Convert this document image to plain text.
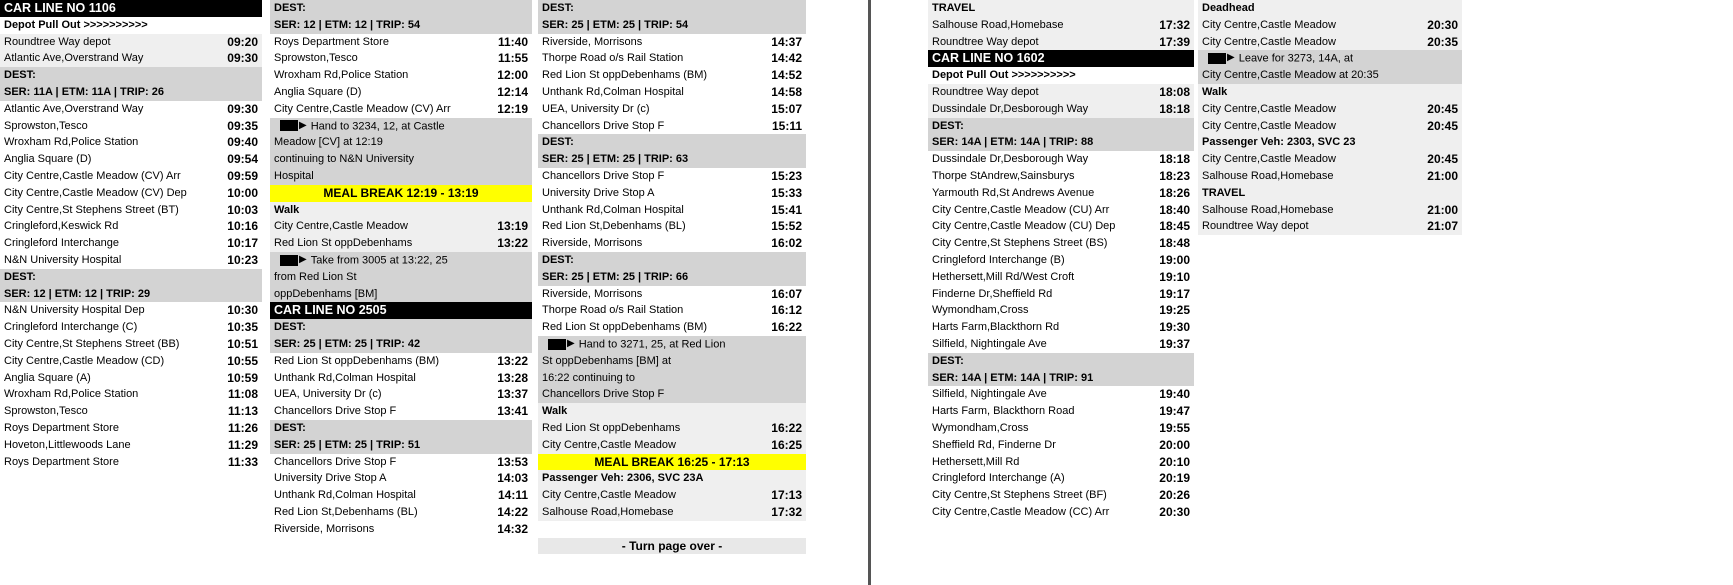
CAR LINE NO 1106
Depot Pull Out >>>>>>>>>>
Roundtree Way depot	09:20
Atlantic Ave,Overstrand Way	09:30
DEST:
SER: 11A | ETM: 11A | TRIP: 26
Atlantic Ave,Overstrand Way	09:30
Sprowston,Tesco	09:35
Wroxham Rd,Police Station	09:40
Anglia Square (D)	09:54
City Centre,Castle Meadow (CV) Arr	09:59
City Centre,Castle Meadow (CV) Dep	10:00
City Centre,St Stephens Street (BT)	10:03
Cringleford,Keswick Rd	10:16
Cringleford Interchange	10:17
N&N University Hospital	10:23
DEST:
SER: 12 | ETM: 12 | TRIP: 29
N&N University Hospital Dep	10:30
Cringleford Interchange (C)	10:35
City Centre,St Stephens Street (BB)	10:51
City Centre,Castle Meadow (CD)	10:55
Anglia Square (A)	10:59
Wroxham Rd,Police Station	11:08
Sprowston,Tesco	11:13
Roys Department Store	11:26
Hoveton,Littlewoods Lane	11:29
Roys Department Store	11:33
DEST:
SER: 12 | ETM: 12 | TRIP: 54
Roys Department Store	11:40
Sprowston,Tesco	11:55
Wroxham Rd,Police Station	12:00
Anglia Square (D)	12:14
City Centre,Castle Meadow (CV) Arr	12:19
▶ Hand to 3234, 12, at Castle
Meadow [CV] at 12:19
continuing to N&N University
Hospital
MEAL BREAK 12:19 - 13:19
Walk
City Centre,Castle Meadow	13:19
Red Lion St oppDebenhams	13:22
▶ Take from 3005 at 13:22, 25
from Red Lion St
oppDebenhams [BM]
CAR LINE NO 2505
DEST:
SER: 25 | ETM: 25 | TRIP: 42
Red Lion St oppDebenhams (BM)	13:22
Unthank Rd,Colman Hospital	13:28
UEA, University Dr (c)	13:37
Chancellors Drive Stop F	13:41
DEST:
SER: 25 | ETM: 25 | TRIP: 51
Chancellors Drive Stop F	13:53
University Drive Stop A	14:03
Unthank Rd,Colman Hospital	14:11
Red Lion St,Debenhams (BL)	14:22
Riverside, Morrisons	14:32
DEST:
SER: 25 | ETM: 25 | TRIP: 54
Riverside, Morrisons	14:37
Thorpe Road o/s Rail Station	14:42
Red Lion St oppDebenhams (BM)	14:52
Unthank Rd,Colman Hospital	14:58
UEA, University Dr (c)	15:07
Chancellors Drive Stop F	15:11
DEST:
SER: 25 | ETM: 25 | TRIP: 63
Chancellors Drive Stop F	15:23
University Drive Stop A	15:33
Unthank Rd,Colman Hospital	15:41
Red Lion St,Debenhams (BL)	15:52
Riverside, Morrisons	16:02
DEST:
SER: 25 | ETM: 25 | TRIP: 66
Riverside, Morrisons	16:07
Thorpe Road o/s Rail Station	16:12
Red Lion St oppDebenhams (BM)	16:22
▶ Hand to 3271, 25, at Red Lion
St oppDebenhams [BM] at
16:22 continuing to
Chancellors Drive Stop F
Walk
Red Lion St oppDebenhams	16:22
City Centre,Castle Meadow	16:25
MEAL BREAK 16:25 - 17:13
Passenger Veh: 2306, SVC 23A
City Centre,Castle Meadow	17:13
Salhouse Road,Homebase	17:32
- Turn page over -
TRAVEL
Salhouse Road,Homebase	17:32
Roundtree Way depot	17:39
CAR LINE NO 1602
Depot Pull Out >>>>>>>>>>
Roundtree Way depot	18:08
Dussindale Dr,Desborough Way	18:18
DEST:
SER: 14A | ETM: 14A | TRIP: 88
Dussindale Dr,Desborough Way	18:18
Thorpe StAndrew,Sainsburys	18:23
Yarmouth Rd,St Andrews Avenue	18:26
City Centre,Castle Meadow (CU) Arr	18:40
City Centre,Castle Meadow (CU) Dep	18:45
City Centre,St Stephens Street (BS)	18:48
Cringleford Interchange (B)	19:00
Hethersett,Mill Rd/West Croft	19:10
Finderne Dr,Sheffield Rd	19:17
Wymondham,Cross	19:25
Harts Farm,Blackthorn Rd	19:30
Silfield, Nightingale Ave	19:37
DEST:
SER: 14A | ETM: 14A | TRIP: 91
Silfield, Nightingale Ave	19:40
Harts Farm, Blackthorn Road	19:47
Wymondham,Cross	19:55
Sheffield Rd, Finderne Dr	20:00
Hethersett,Mill Rd	20:10
Cringleford Interchange (A)	20:19
City Centre,St Stephens Street (BF)	20:26
City Centre,Castle Meadow (CC) Arr	20:30
Deadhead
City Centre,Castle Meadow	20:30
City Centre,Castle Meadow	20:35
▶ Leave for 3273, 14A, at
City Centre,Castle Meadow at 20:35
Walk
City Centre,Castle Meadow	20:45
City Centre,Castle Meadow	20:45
Passenger Veh: 2303, SVC 23
City Centre,Castle Meadow	20:45
Salhouse Road,Homebase	21:00
TRAVEL
Salhouse Road,Homebase	21:00
Roundtree Way depot	21:07
